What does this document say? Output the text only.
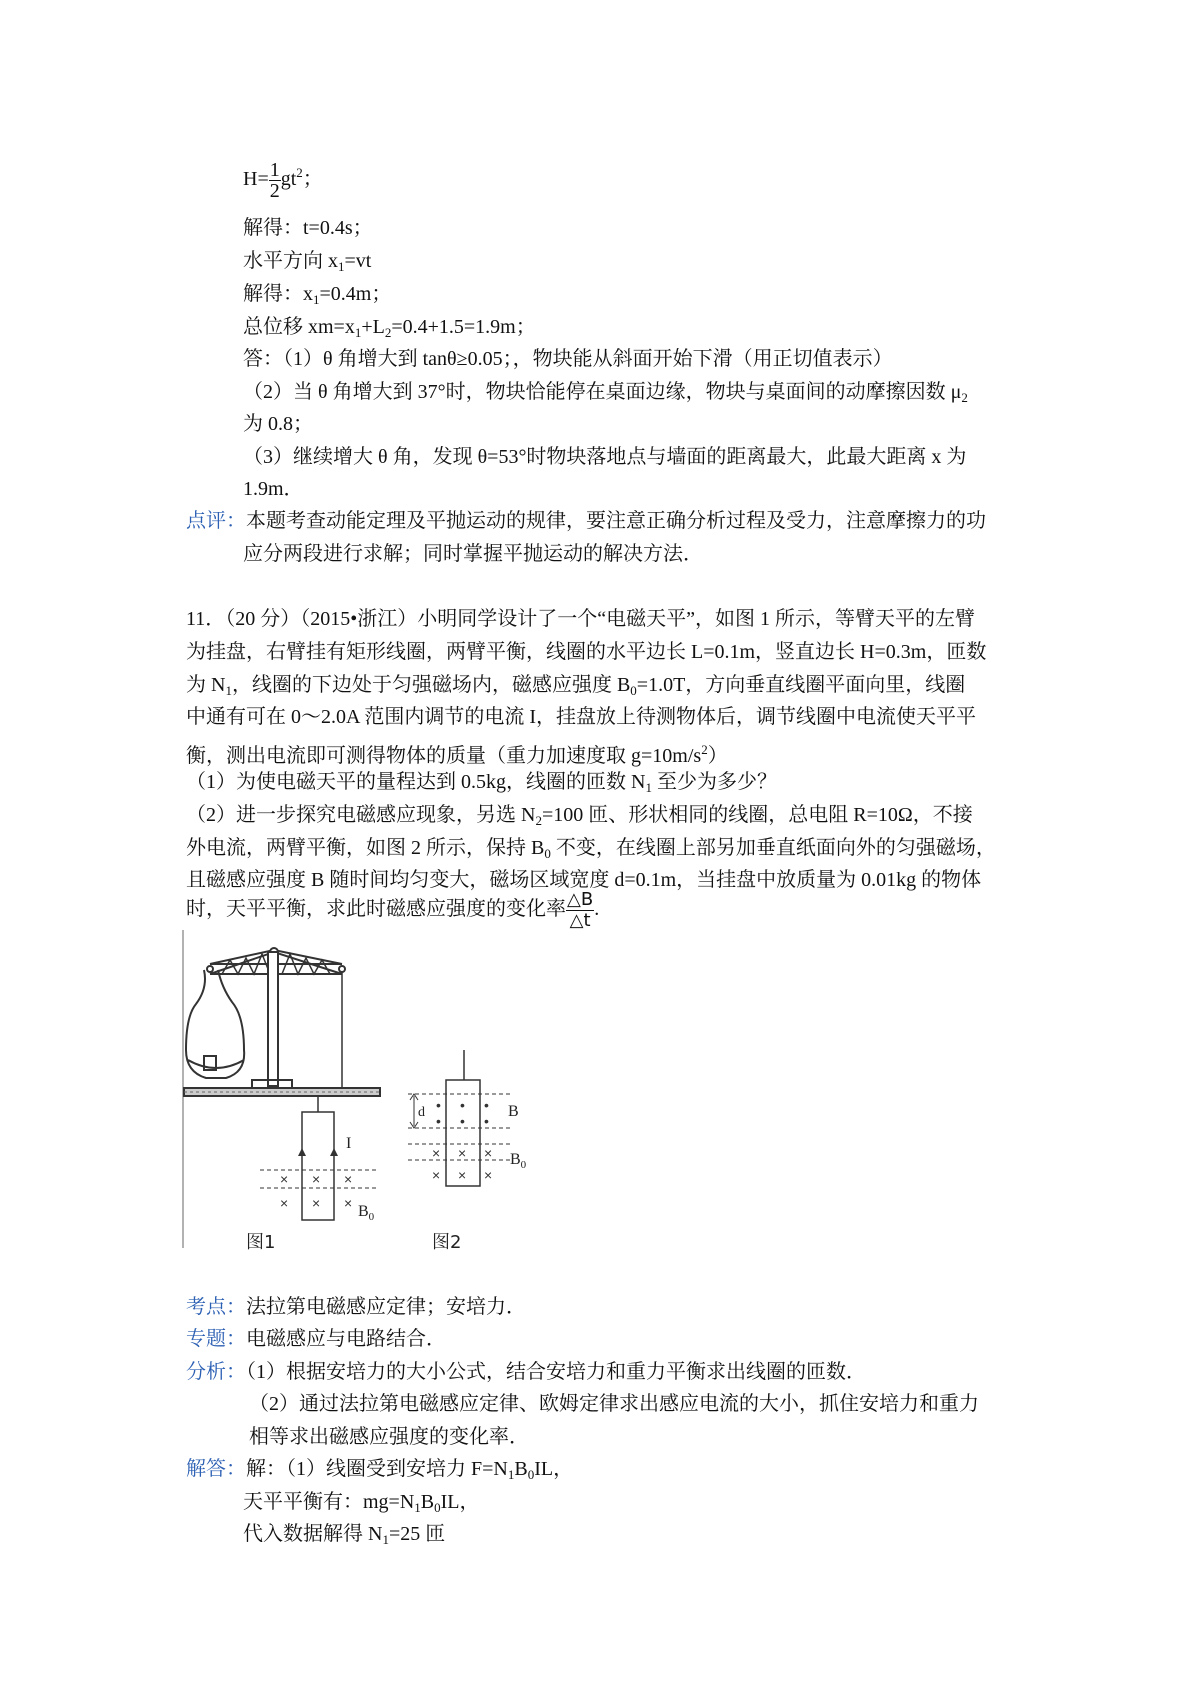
$H= \frac{1}{2} gt^2$；
解得：t=0.4s；
水平方向 $x_1=vt$
解得：$x_1=0.4m$；
总位移 $xm=x_1+L_2=0.4+1.5=1.9m$；
答：（1）θ 角增大到 tanθ≥0.05；，物块能从斜面开始下滑（用正切值表示）
（2）当 θ 角增大到 37°时，物块恰能停在桌面边缘，物块与桌面间的动摩擦因数 $\mu_2$
为 0.8；
（3）继续增大 θ 角，发现 θ=53°时物块落地点与墙面的距离最大，此最大距离 x 为
1.9m．
点评：本题考查动能定理及平抛运动的规律，要注意正确分析过程及受力，注意摩擦力的功
应分两段进行求解；同时掌握平抛运动的解决方法．
11．（20 分）（2015•浙江）小明同学设计了一个“电磁天平”，如图 1 所示，等臂天平的左臂
为挂盘，右臂挂有矩形线圈，两臂平衡，线圈的水平边长 L=0.1m，竖直边长 H=0.3m，匝数
为 $N_1$，线圈的下边处于匀强磁场内，磁感应强度 $B_0=1.0T$，方向垂直线圈平面向里，线圈
中通有可在 0～2.0A 范围内调节的电流 I，挂盘放上待测物体后，调节线圈中电流使天平平
衡，测出电流即可测得物体的质量（重力加速度取 $g=10m/s^2$）
（1）为使电磁天平的量程达到 0.5kg，线圈的匝数 $N_1$ 至少为多少？
（2）进一步探究电磁感应现象，另选 $N_2=100$ 匝、形状相同的线圈，总电阻 R=10Ω，不接
外电流，两臂平衡，如图 2 所示，保持 $B_0$ 不变，在线圈上部另加垂直纸面向外的匀强磁场，
且磁感应强度 B 随时间均匀变大，磁场区域宽度 d=0.1m，当挂盘中放质量为 0.01kg 的物体
时，天平平衡，求此时磁感应强度的变化率 $\frac{\triangle B}{\triangle t}$ .
× × ×
× × ×
I
$B_0$
• • •
• • •
× × ×
× × ×
d	B
$B_0$
图1	图2
考点：法拉第电磁感应定律；安培力．
专题：电磁感应与电路结合．
分析：（1）根据安培力的大小公式，结合安培力和重力平衡求出线圈的匝数．
（2）通过法拉第电磁感应定律、欧姆定律求出感应电流的大小，抓住安培力和重力
相等求出磁感应强度的变化率．
解答：解：（1）线圈受到安培力 $F=N_1B_0IL$，
天平平衡有：$mg=N_1B_0IL$，
代入数据解得 $N_1=25$ 匝
